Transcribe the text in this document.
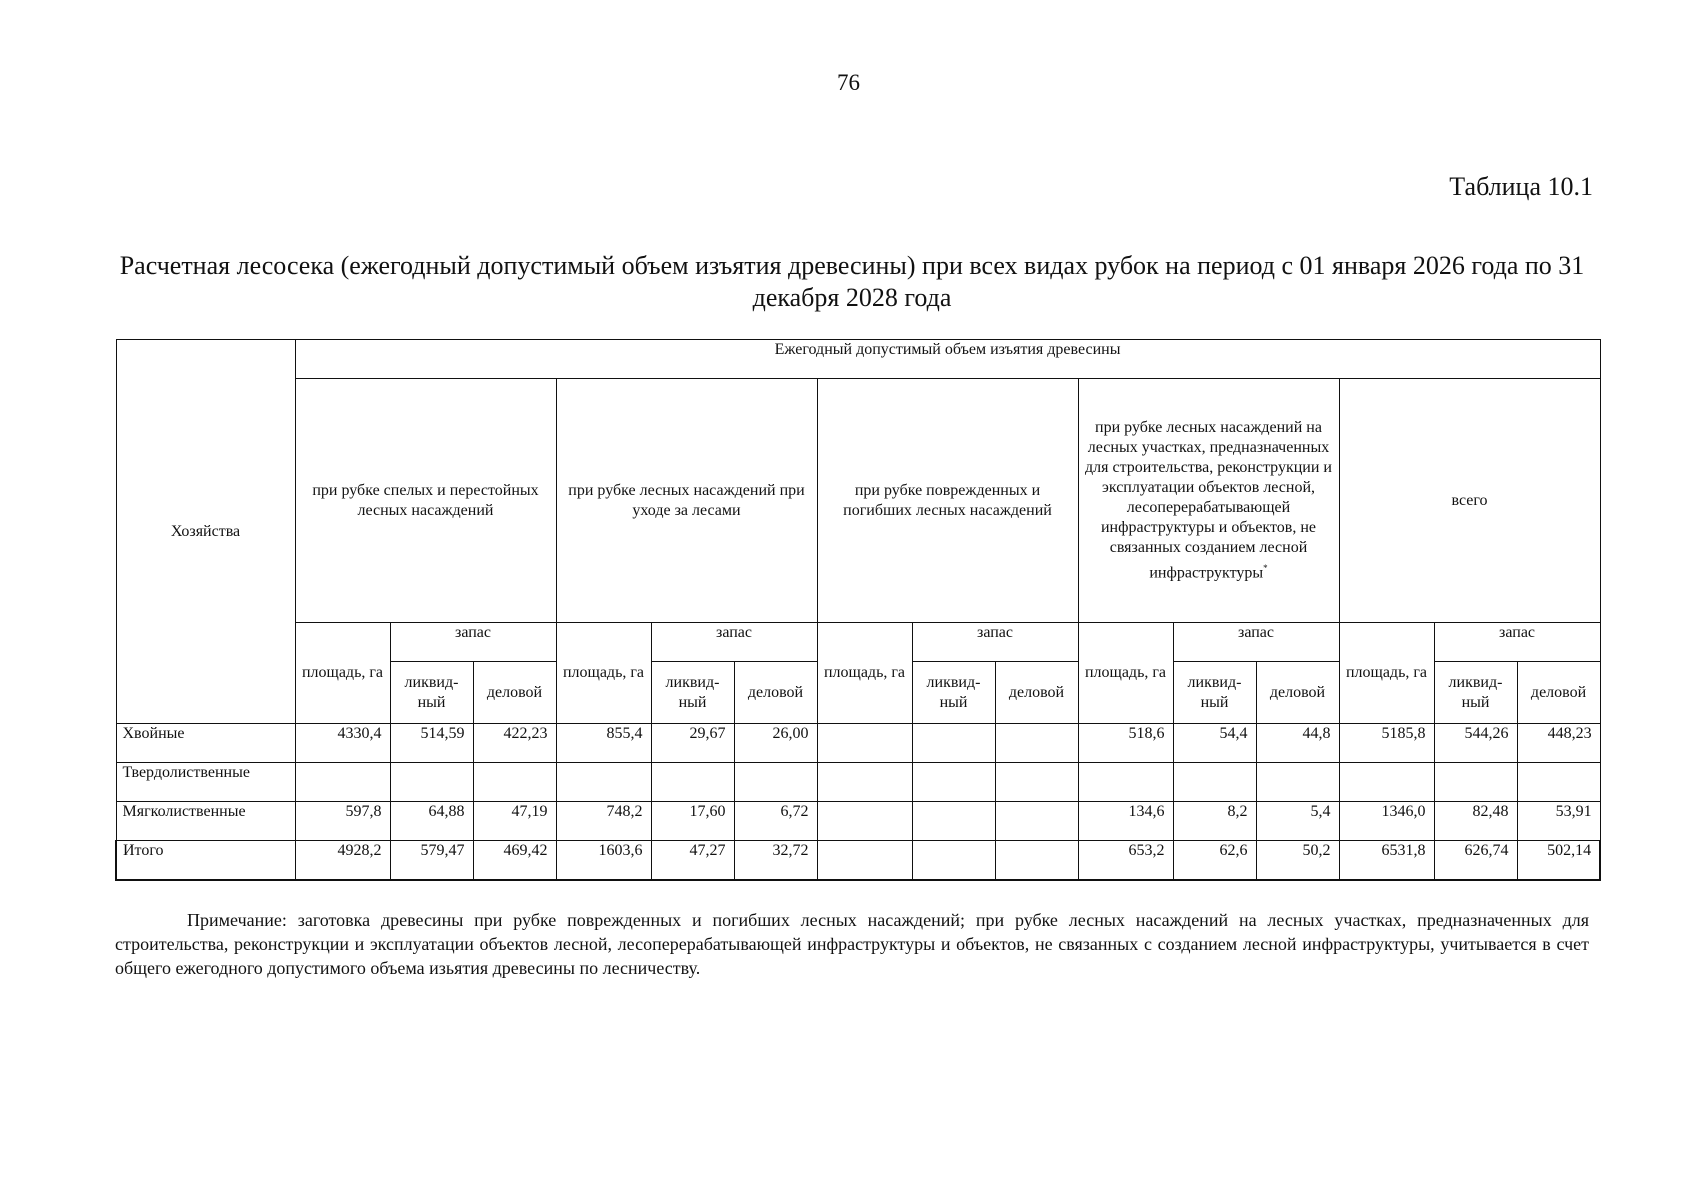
76
Таблица 10.1
Расчетная лесосека (ежегодный допустимый объем изъятия древесины) при всех видах рубок на период с 01 января 2026 года по 31 декабря 2028 года
Хозяйства	Ежегодный допустимый объем изъятия древесины														
	при рубке спелых и перестойных лесных насаждений			при рубке лесных насаждений при уходе за лесами			при рубке поврежденных и погибших лесных насаждений			при рубке лесных насаждений на лесных участках, предназначенных для строительства, реконструкции и эксплуатации объектов лесной, лесоперерабатывающей инфраструктуры и объектов, не связанных созданием лесной инфраструктуры*			всего		
	площадь, га	запас		площадь, га	запас		площадь, га	запас		площадь, га	запас		площадь, га	запас	
		ликвид-ный	деловой		ликвид-ный	деловой		ликвид-ный	деловой		ликвид-ный	деловой		ликвид-ный	деловой
Хвойные	4330,4	514,59	422,23	855,4	29,67	26,00				518,6	54,4	44,8	5185,8	544,26	448,23
Твердолиственные															
Мягколиственные	597,8	64,88	47,19	748,2	17,60	6,72				134,6	8,2	5,4	1346,0	82,48	53,91
Итого	4928,2	579,47	469,42	1603,6	47,27	32,72				653,2	62,6	50,2	6531,8	626,74	502,14
Примечание: заготовка древесины при рубке поврежденных и погибших лесных насаждений; при рубке лесных насаждений на лесных участках, предназначенных для строительства, реконструкции и эксплуатации объектов лесной, лесоперерабатывающей инфраструктуры и объектов, не связанных с созданием лесной инфраструктуры, учитывается в счет общего ежегодного допустимого объема изьятия древесины по лесничеству.
